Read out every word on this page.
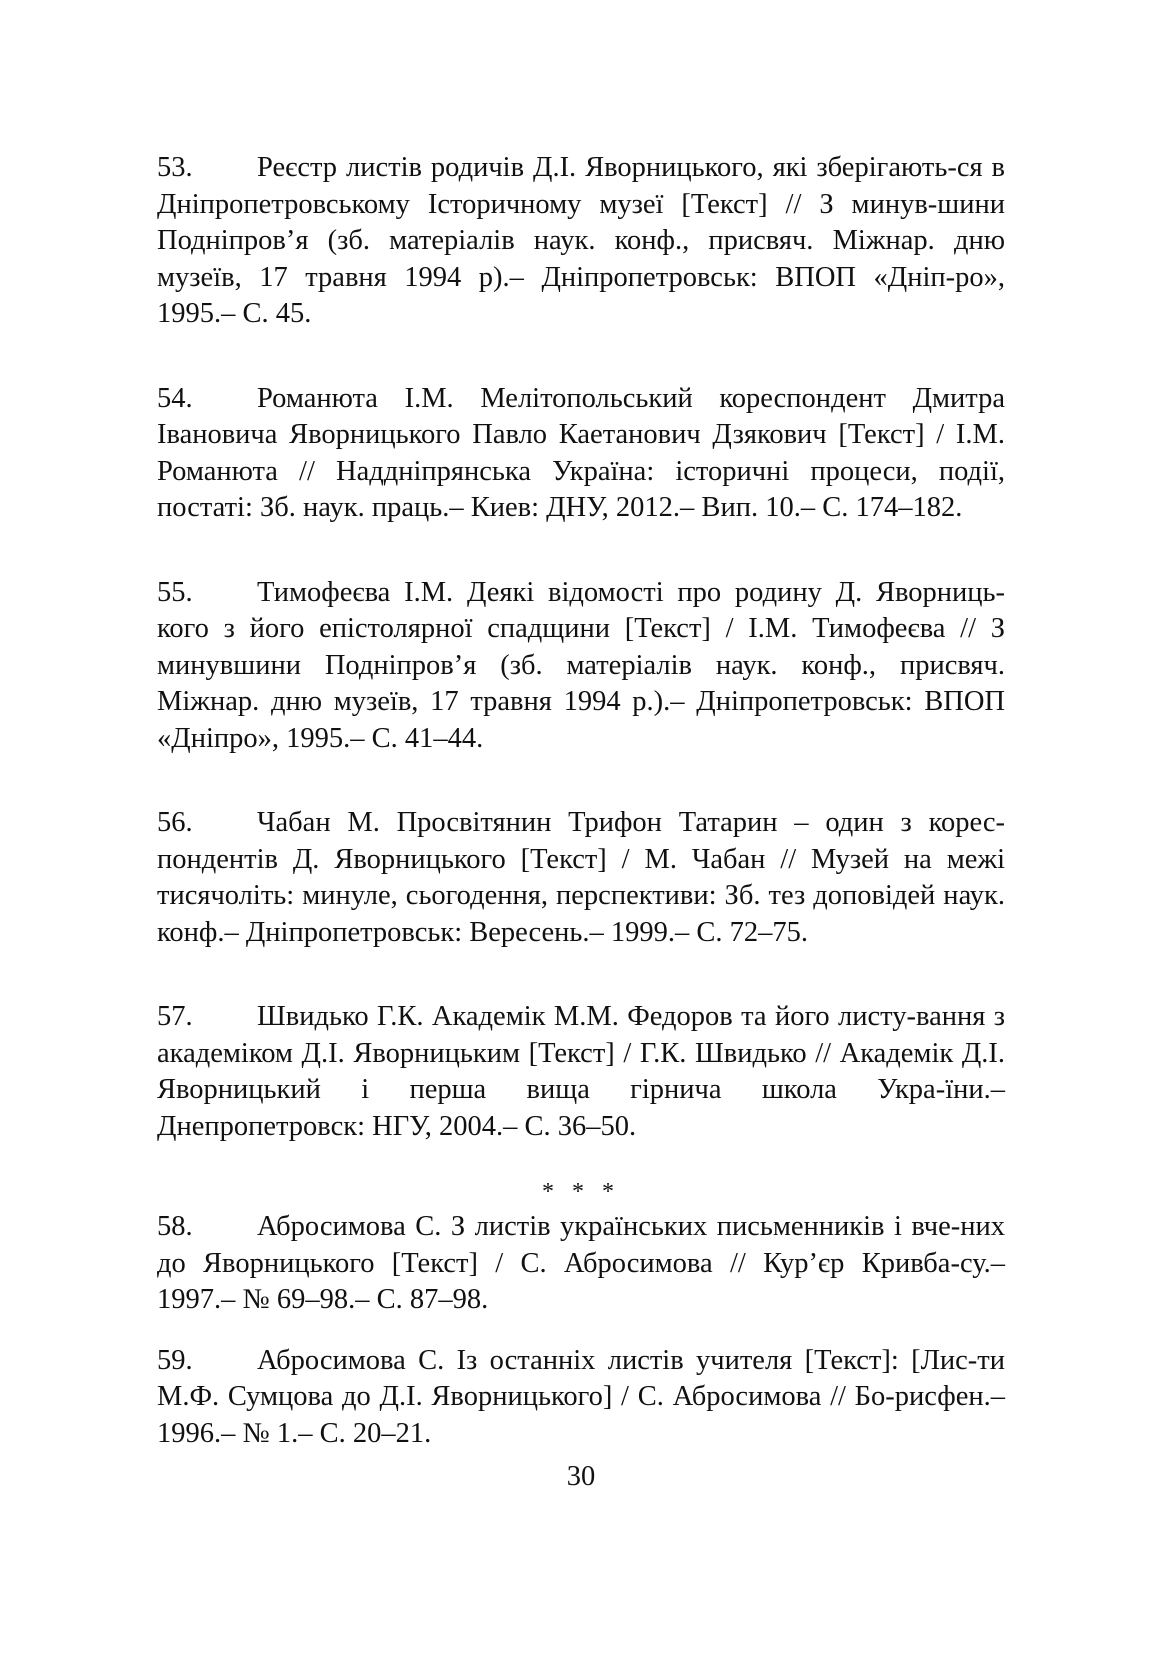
53. Реєстр листів родичів Д.І. Яворницького, які зберігають-ся в Дніпропетровському Історичному музеї [Текст] // З минув-шини Подніпров’я (зб. матеріалів наук. конф., присвяч. Міжнар. дню музеїв, 17 травня 1994 р).– Дніпропетровськ: ВПОП «Дніп-ро», 1995.– С. 45.

54. Романюта І.М. Мелітопольський кореспондент Дмитра Івановича Яворницького Павло Каетанович Дзякович [Текст] / І.М. Романюта // Наддніпрянська Україна: історичні процеси, події, постаті: Зб. наук. праць.– Киев: ДНУ, 2012.– Вип. 10.– С. 174–182.

55. Тимофеєва І.М. Деякі відомості про родину Д. Яворниць-кого з його епістолярної спадщини [Текст] / І.М. Тимофеєва // З минувшини Подніпров’я (зб. матеріалів наук. конф., присвяч. Міжнар. дню музеїв, 17 травня 1994 р.).– Дніпропетровськ: ВПОП «Дніпро», 1995.– С. 41–44.

56. Чабан М. Просвітянин Трифон Татарин – один з корес-пондентів Д. Яворницького [Текст] / М. Чабан // Музей на межі тисячоліть: минуле, сьогодення, перспективи: Зб. тез доповідей наук. конф.– Дніпропетровськ: Вересень.– 1999.– С. 72–75.

57. Швидько Г.К. Академік М.М. Федоров та його листу-вання з академіком Д.І. Яворницьким [Текст] / Г.К. Швидько // Академік Д.І. Яворницький і перша вища гірнича школа Укра-їни.– Днепропетровск: НГУ, 2004.– С. 36–50.

* * *

58. Абросимова С. З листів українських письменників і вче-них до Яворницького [Текст] / С. Абросимова // Кур’єр Кривба-су.– 1997.– № 69–98.– С. 87–98.

59. Абросимова С. Із останніх листів учителя [Текст]: [Лис-ти М.Ф. Сумцова до Д.І. Яворницького] / С. Абросимова // Бо-рисфен.– 1996.– № 1.– С. 20–21.

30
